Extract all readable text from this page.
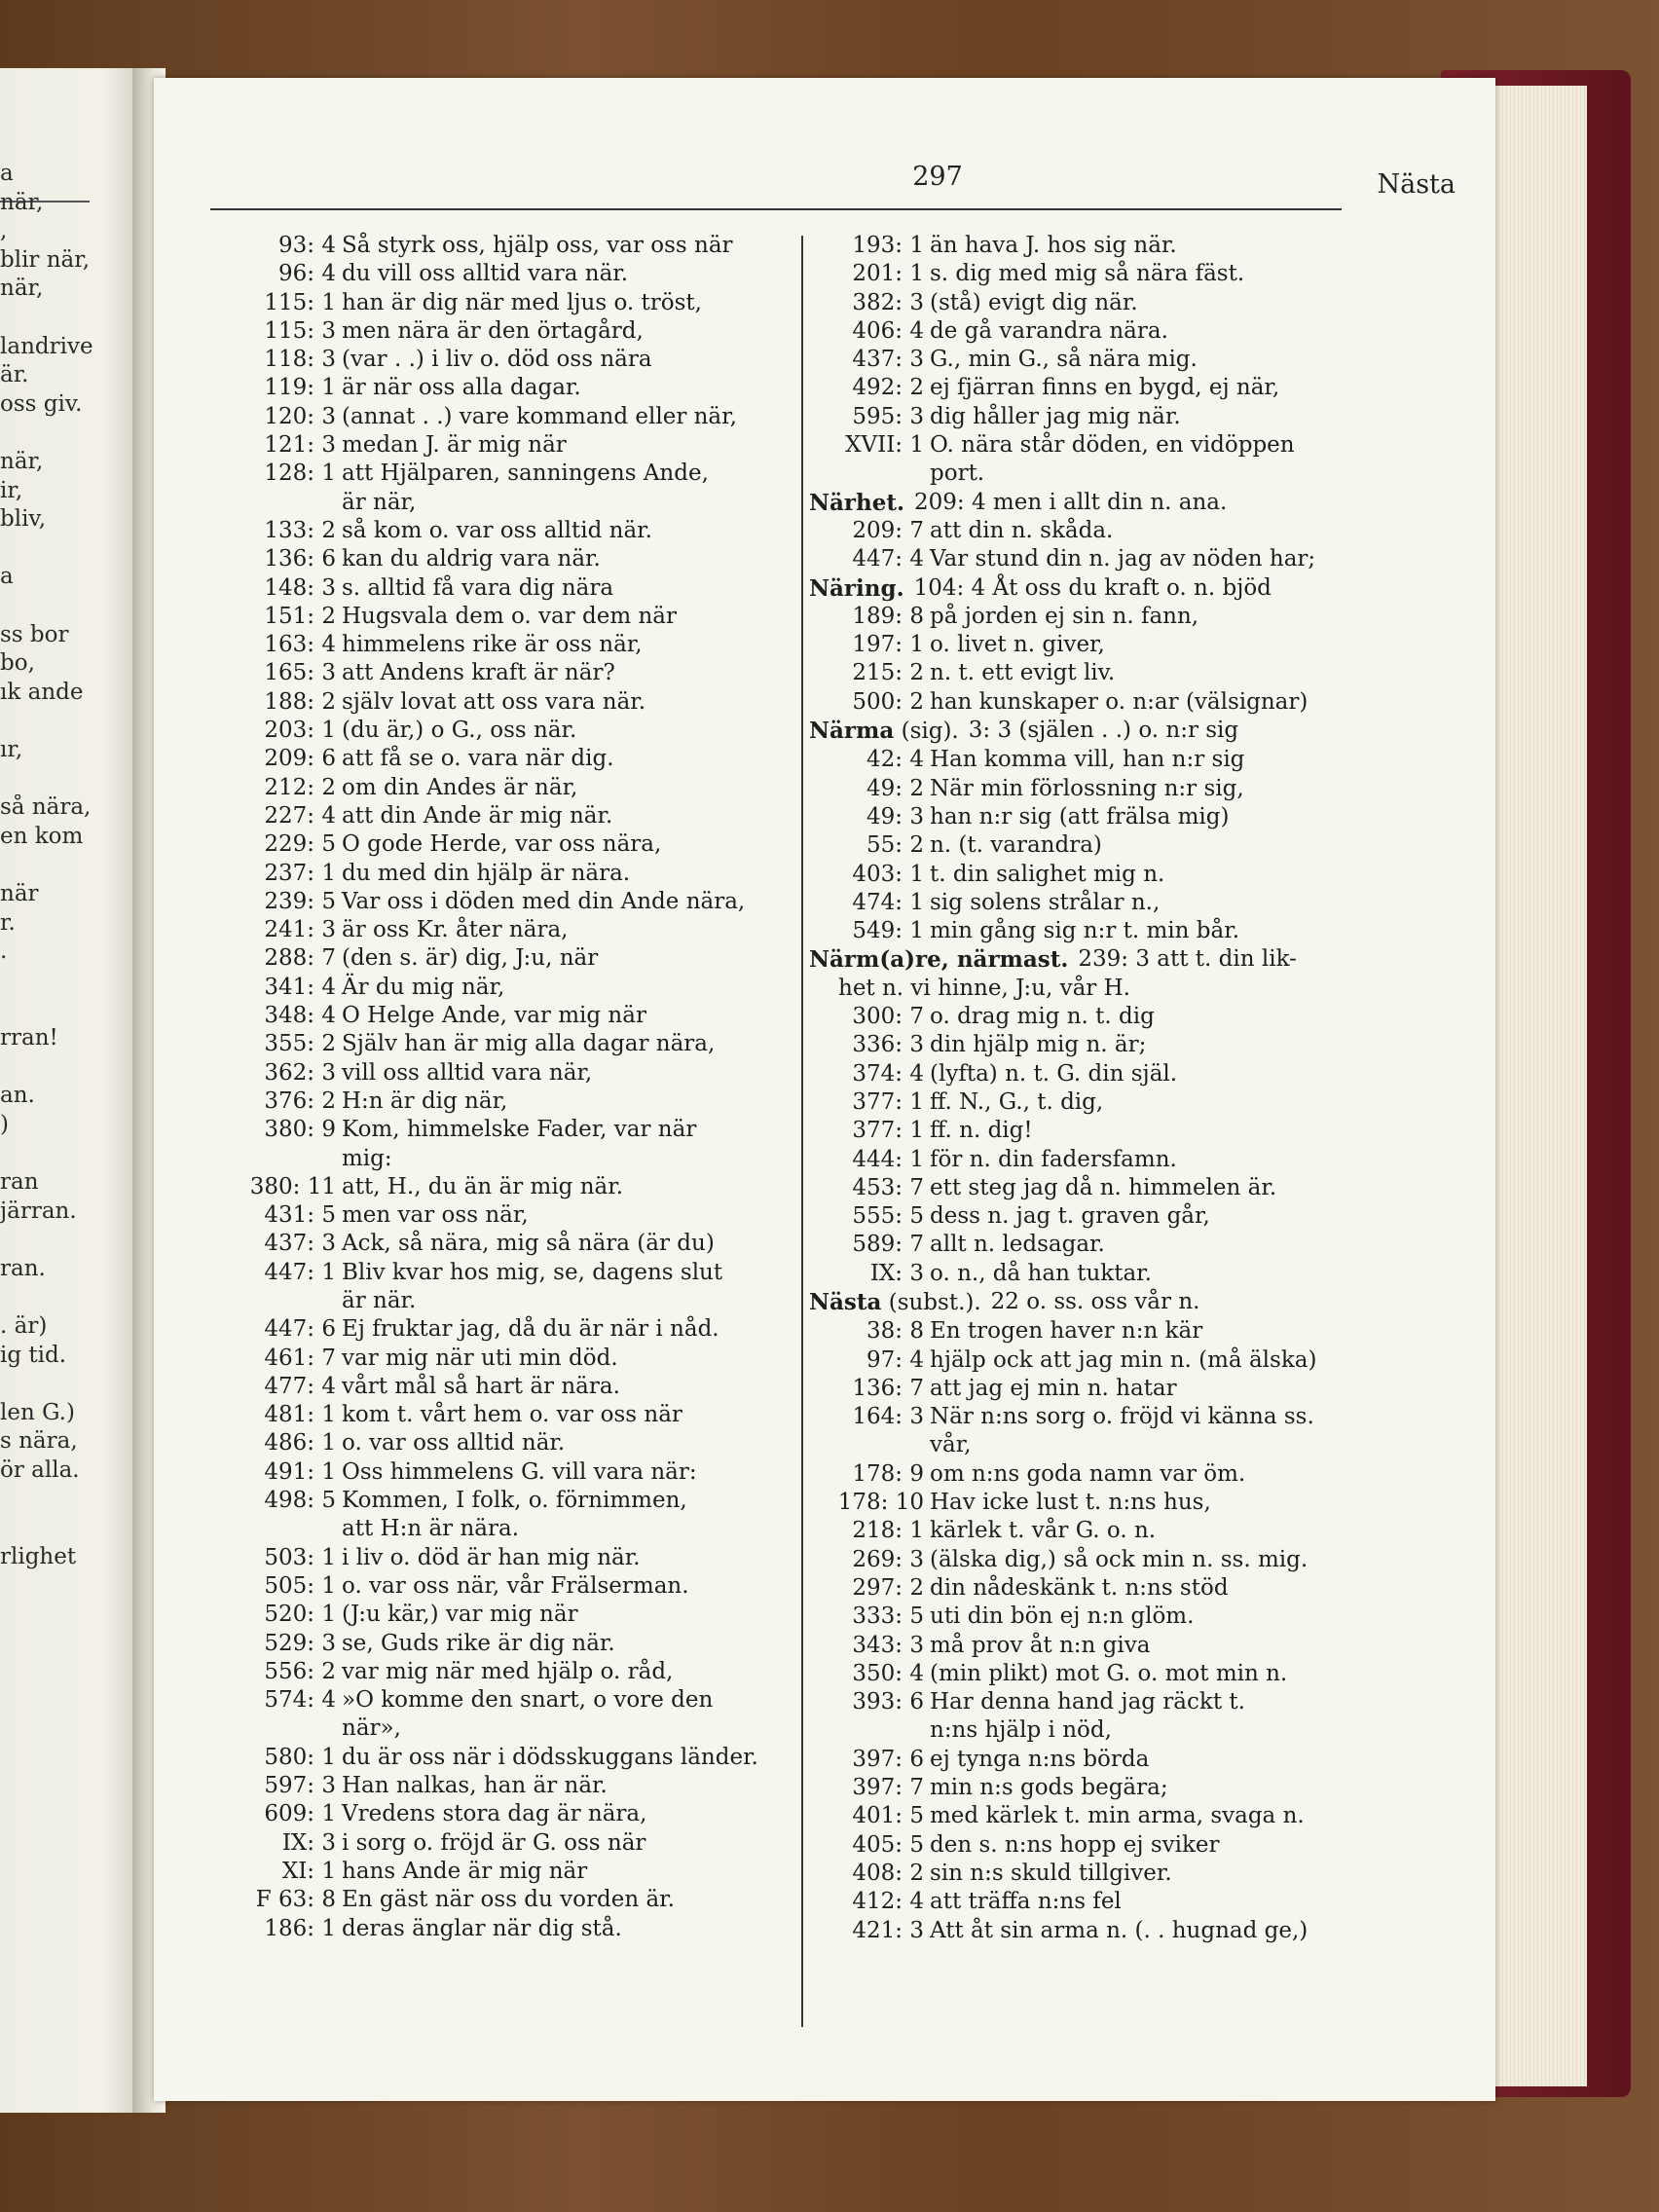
a
när,
,
blir när,
när,
landrive
är.
oss giv.
när,
ir,
bliv,
a
ss bor
bo,
ık ande
ır,
så nära,
en kom
när
r.
.
rran!
an.
)
ran
järran.
ran.
. är)
ig tid.
len G.)
s nära,
ör alla.
rlighet
297	Nästa
93: 4 Så styrk oss, hjälp oss, var oss när
96: 4 du vill oss alltid vara när.
115: 1 han är dig när med ljus o. tröst,
115: 3 men nära är den örtagård,
118: 3 (var . .) i liv o. död oss nära
119: 1 är när oss alla dagar.
120: 3 (annat . .) vare kommand eller när,
121: 3 medan J. är mig när
128: 1 att Hjälparen, sanningens Ande,
är när,
133: 2 så kom o. var oss alltid när.
136: 6 kan du aldrig vara när.
148: 3 s. alltid få vara dig nära
151: 2 Hugsvala dem o. var dem när
163: 4 himmelens rike är oss när,
165: 3 att Andens kraft är när?
188: 2 själv lovat att oss vara när.
203: 1 (du är,) o G., oss när.
209: 6 att få se o. vara när dig.
212: 2 om din Andes är när,
227: 4 att din Ande är mig när.
229: 5 O gode Herde, var oss nära,
237: 1 du med din hjälp är nära.
239: 5 Var oss i döden med din Ande nära,
241: 3 är oss Kr. åter nära,
288: 7 (den s. är) dig, J:u, när
341: 4 Är du mig när,
348: 4 O Helge Ande, var mig när
355: 2 Själv han är mig alla dagar nära,
362: 3 vill oss alltid vara när,
376: 2 H:n är dig när,
380: 9 Kom, himmelske Fader, var när
mig:
380: 11 att, H., du än är mig när.
431: 5 men var oss när,
437: 3 Ack, så nära, mig så nära (är du)
447: 1 Bliv kvar hos mig, se, dagens slut
är när.
447: 6 Ej fruktar jag, då du är när i nåd.
461: 7 var mig när uti min död.
477: 4 vårt mål så hart är nära.
481: 1 kom t. vårt hem o. var oss när
486: 1 o. var oss alltid när.
491: 1 Oss himmelens G. vill vara när:
498: 5 Kommen, I folk, o. förnimmen,
att H:n är nära.
503: 1 i liv o. död är han mig när.
505: 1 o. var oss när, vår Frälserman.
520: 1 (J:u kär,) var mig när
529: 3 se, Guds rike är dig när.
556: 2 var mig när med hjälp o. råd,
574: 4 »O komme den snart, o vore den
när»,
580: 1 du är oss när i dödsskuggans länder.
597: 3 Han nalkas, han är när.
609: 1 Vredens stora dag är nära,
IX: 3 i sorg o. fröjd är G. oss när
XI: 1 hans Ande är mig när
F 63: 8 En gäst när oss du vorden är.
186: 1 deras änglar när dig stå.
193: 1 än hava J. hos sig när.
201: 1 s. dig med mig så nära fäst.
382: 3 (stå) evigt dig när.
406: 4 de gå varandra nära.
437: 3 G., min G., så nära mig.
492: 2 ej fjärran finns en bygd, ej när,
595: 3 dig håller jag mig när.
XVII: 1 O. nära står döden, en vidöppen
port.
Närhet. 209: 4 men i allt din n. ana.
209: 7 att din n. skåda.
447: 4 Var stund din n. jag av nöden har;
Näring. 104: 4 Åt oss du kraft o. n. bjöd
189: 8 på jorden ej sin n. fann,
197: 1 o. livet n. giver,
215: 2 n. t. ett evigt liv.
500: 2 han kunskaper o. n:ar (välsignar)
Närma (sig). 3: 3 (själen . .) o. n:r sig
42: 4 Han komma vill, han n:r sig
49: 2 När min förlossning n:r sig,
49: 3 han n:r sig (att frälsa mig)
55: 2 n. (t. varandra)
403: 1 t. din salighet mig n.
474: 1 sig solens strålar n.,
549: 1 min gång sig n:r t. min bår.
Närm(a)re, närmast. 239: 3 att t. din lik-
het n. vi hinne, J:u, vår H.
300: 7 o. drag mig n. t. dig
336: 3 din hjälp mig n. är;
374: 4 (lyfta) n. t. G. din själ.
377: 1 ff. N., G., t. dig,
377: 1 ff. n. dig!
444: 1 för n. din fadersfamn.
453: 7 ett steg jag då n. himmelen är.
555: 5 dess n. jag t. graven går,
589: 7 allt n. ledsagar.
IX: 3 o. n., då han tuktar.
Nästa (subst.). 22 o. ss. oss vår n.
38: 8 En trogen haver n:n kär
97: 4 hjälp ock att jag min n. (må älska)
136: 7 att jag ej min n. hatar
164: 3 När n:ns sorg o. fröjd vi känna ss.
vår,
178: 9 om n:ns goda namn var öm.
178: 10 Hav icke lust t. n:ns hus,
218: 1 kärlek t. vår G. o. n.
269: 3 (älska dig,) så ock min n. ss. mig.
297: 2 din nådeskänk t. n:ns stöd
333: 5 uti din bön ej n:n glöm.
343: 3 må prov åt n:n giva
350: 4 (min plikt) mot G. o. mot min n.
393: 6 Har denna hand jag räckt t.
n:ns hjälp i nöd,
397: 6 ej tynga n:ns börda
397: 7 min n:s gods begära;
401: 5 med kärlek t. min arma, svaga n.
405: 5 den s. n:ns hopp ej sviker
408: 2 sin n:s skuld tillgiver.
412: 4 att träffa n:ns fel
421: 3 Att åt sin arma n. (. . hugnad ge,)
